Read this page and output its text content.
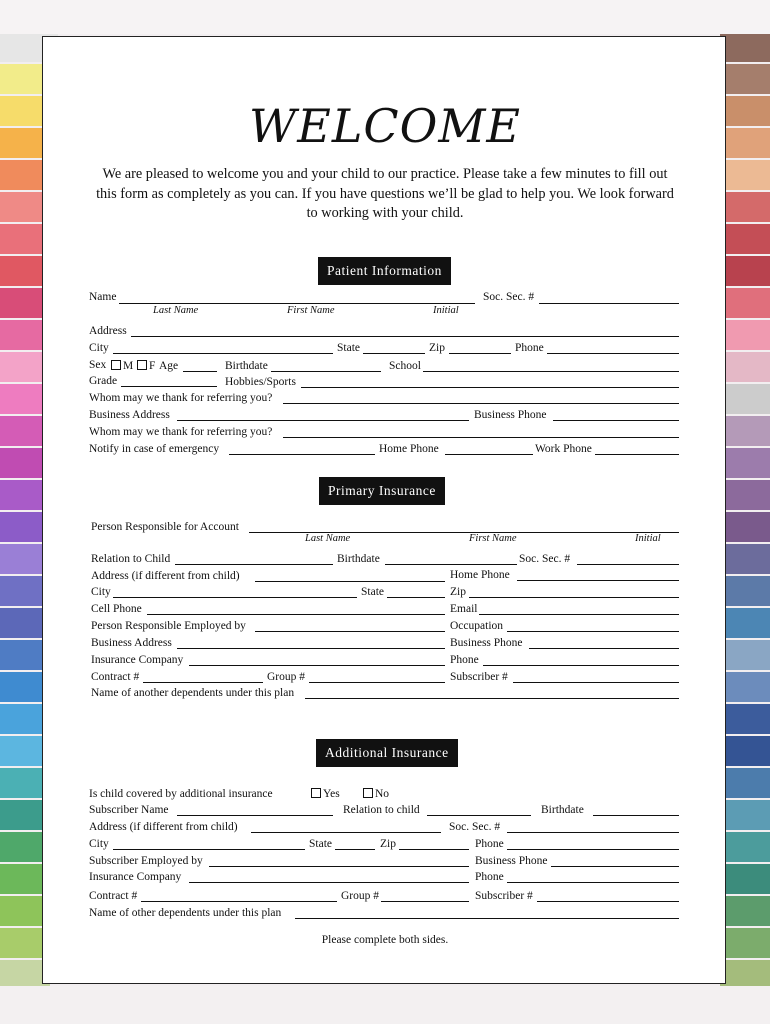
WELCOME
We are pleased to welcome you and your child to our practice. Please take a few minutes to fill out this form as completely as you can. If you have questions we’ll be glad to help you. We look forward to working with your child.
Patient Information
Name	Soc. Sec. #
Last Name	First Name	Initial
Address
City	State	Zip	Phone
Sex	M	F Age	Birthdate	School
Grade	Hobbies/Sports
Whom may we thank for referring you?
Business Address	Business Phone
Whom may we thank for referring you?
Notify in case of emergency	Home Phone	Work Phone
Primary Insurance
Person Responsible for Account
Last Name	First Name	Initial
Relation to Child	Birthdate	Soc. Sec. #
Address (if different from child)	Home Phone
City	State	Zip
Cell Phone	Email
Person Responsible Employed by	Occupation
Business Address	Business Phone
Insurance Company	Phone
Contract #	Group #	Subscriber #
Name of another dependents under this plan
Additional Insurance
Is child covered by additional insurance	Yes	No
Subscriber Name	Relation to child	Birthdate
Address (if different from child)	Soc. Sec. #
City	State	Zip	Phone
Subscriber Employed by	Business Phone
Insurance Company	Phone
Contract #	Group #	Subscriber #
Name of other dependents under this plan
Please complete both sides.
